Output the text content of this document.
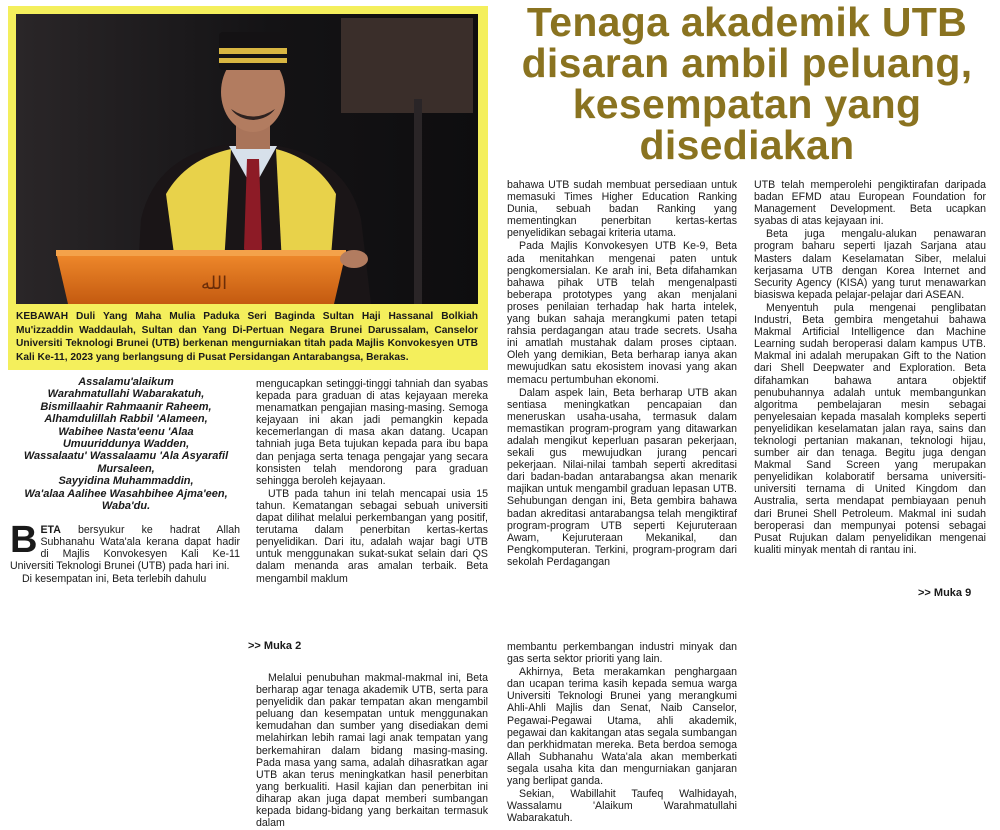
الله
KEBAWAH Duli Yang Maha Mulia Paduka Seri Baginda Sultan Haji Hassanal Bolkiah Mu'izzaddin Waddaulah, Sultan dan Yang Di-Pertuan Negara Brunei Darussalam, Canselor Universiti Teknologi Brunei (UTB) berkenan mengurniakan titah pada Majlis Konvokesyen UTB Kali Ke-11, 2023 yang berlangsung di Pusat Persidangan Antarabangsa, Berakas.
Tenaga akademik UTB disaran ambil peluang, kesempatan yang disediakan
Assalamu'alaikum
Warahmatullahi Wabarakatuh,
Bismillaahir Rahmaanir Raheem,
Alhamdulillah Rabbil 'Alameen,
Wabihee Nasta'eenu 'Alaa
Umuuriddunya Wadden,
Wassalaatu' Wassalaamu 'Ala Asyarafil
Mursaleen,
Sayyidina Muhammaddin,
Wa'alaa Aalihee Wasahbihee Ajma'een,
Waba'du.

BETA bersyukur ke hadrat Allah Subhanahu Wata'ala kerana dapat hadir di Majlis Konvokesyen Kali Ke-11 Universiti Teknologi Brunei (UTB) pada hari ini.

Di kesempatan ini, Beta terlebih dahulu

mengucapkan setinggi-tinggi tahniah dan syabas kepada para graduan di atas kejayaan mereka menamatkan pengajian masing-masing. Semoga kejayaan ini akan jadi pemangkin kepada kecemerlangan di masa akan datang. Ucapan tahniah juga Beta tujukan kepada para ibu bapa dan penjaga serta tenaga pengajar yang secara konsisten telah mendorong para graduan sehingga beroleh kejayaan.

UTB pada tahun ini telah mencapai usia 15 tahun. Kematangan sebagai sebuah universiti dapat dilihat melalui perkembangan yang positif, terutama dalam penerbitan kertas-kertas penyelidikan. Dari itu, adalah wajar bagi UTB untuk menggunakan sukat-sukat selain dari QS dalam menanda aras amalan terbaik. Beta mengambil maklum

bahawa UTB sudah membuat persediaan untuk memasuki Times Higher Education Ranking Dunia, sebuah badan Ranking yang mementingkan penerbitan kertas-kertas penyelidikan sebagai kriteria utama.

Pada Majlis Konvokesyen UTB Ke-9, Beta ada menitahkan mengenai paten untuk pengkomersialan. Ke arah ini, Beta difahamkan bahawa pihak UTB telah mengenalpasti beberapa prototypes yang akan menjalani proses penilaian terhadap hak harta intelek, yang bukan sahaja merangkumi paten tetapi rahsia perdagangan atau trade secrets. Usaha ini amatlah mustahak dalam proses ciptaan. Oleh yang demikian, Beta berharap ianya akan mewujudkan satu ekosistem inovasi yang akan memacu pertumbuhan ekonomi.

Dalam aspek lain, Beta berharap UTB akan sentiasa meningkatkan pencapaian dan meneruskan usaha-usaha, termasuk dalam memastikan program-program yang ditawarkan adalah mengikut keperluan pasaran pekerjaan, sekali gus mewujudkan jurang pencari pekerjaan. Nilai-nilai tambah seperti akreditasi dari badan-badan antarabangsa akan menarik majikan untuk mengambil graduan lepasan UTB. Sehubungan dengan ini, Beta gembira bahawa badan akreditasi antarabangsa telah mengiktiraf program-program UTB seperti Kejuruteraan Awam, Kejuruteraan Mekanikal, dan Pengkomputeran. Terkini, program-program dari sekolah Perdagangan

UTB telah memperolehi pengiktirafan daripada badan EFMD atau European Foundation for Management Development. Beta ucapkan syabas di atas kejayaan ini.

Beta juga mengalu-alukan penawaran program baharu seperti Ijazah Sarjana atau Masters dalam Keselamatan Siber, melalui kerjasama UTB dengan Korea Internet and Security Agency (KISA) yang turut menawarkan biasiswa kepada pelajar-pelajar dari ASEAN.

Menyentuh pula mengenai penglibatan Industri, Beta gembira mengetahui bahawa Makmal Artificial Intelligence dan Machine Learning sudah beroperasi dalam kampus UTB. Makmal ini adalah merupakan Gift to the Nation dari Shell Deepwater and Exploration. Beta difahamkan bahawa antara objektif penubuhannya adalah untuk membangunkan algoritma pembelajaran mesin sebagai penyelesaian kepada masalah kompleks seperti penyelidikan keselamatan jalan raya, sains dan teknologi pertanian makanan, teknologi hijau, sumber air dan tenaga. Begitu juga dengan Makmal Sand Screen yang merupakan penyelidikan kolaboratif bersama universiti-universiti ternama di United Kingdom dan Australia, serta mendapat pembiayaan penuh dari Brunei Shell Petroleum. Makmal ini sudah beroperasi dan mempunyai potensi sebagai Pusat Rujukan dalam penyelidikan mengenai kualiti minyak mentah di rantau ini.

>> Muka 2
>> Muka 9

Melalui penubuhan makmal-makmal ini, Beta berharap agar tenaga akademik UTB, serta para penyelidik dan pakar tempatan akan mengambil peluang dan kesempatan untuk menggunakan kemudahan dan sumber yang disediakan demi melahirkan lebih ramai lagi anak tempatan yang berkemahiran dalam bidang masing-masing. Pada masa yang sama, adalah dihasratkan agar UTB akan terus meningkatkan hasil penerbitan yang berkualiti. Hasil kajian dan penerbitan ini diharap akan juga dapat memberi sumbangan kepada bidang-bidang yang berkaitan termasuk dalam

membantu perkembangan industri minyak dan gas serta sektor prioriti yang lain.

Akhirnya, Beta merakamkan penghargaan dan ucapan terima kasih kepada semua warga Universiti Teknologi Brunei yang merangkumi Ahli-Ahli Majlis dan Senat, Naib Canselor, Pegawai-Pegawai Utama, ahli akademik, pegawai dan kakitangan atas segala sumbangan dan perkhidmatan mereka. Beta berdoa semoga Allah Subhanahu Wata'ala akan memberkati segala usaha kita dan mengurniakan ganjaran yang berlipat ganda.

Sekian, Wabillahit Taufeq Walhidayah, Wassalamu 'Alaikum Warahmatullahi Wabarakatuh.
